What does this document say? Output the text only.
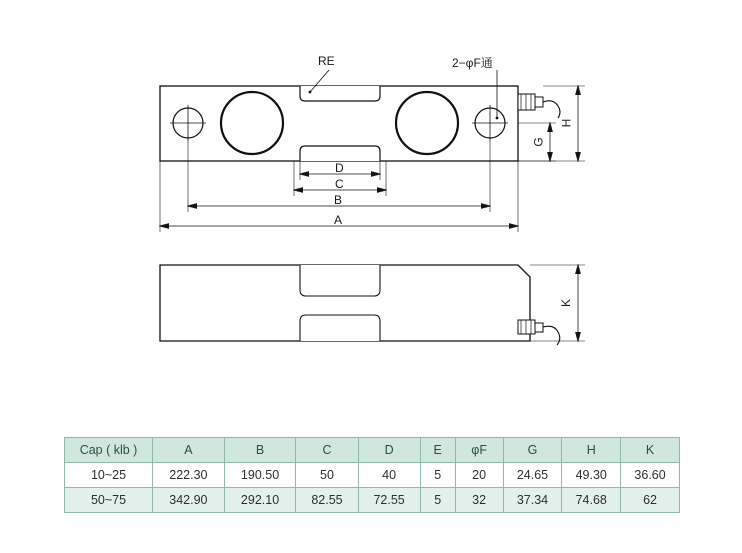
RE	2−φF通
D
C
B
A
G
H
K
Cap ( klb )	A	B	C	D	E	φF	G	H	K
10~25	222.30	190.50	50	40	5	20	24.65	49.30	36.60
50~75	342.90	292.10	82.55	72.55	5	32	37.34	74.68	62
